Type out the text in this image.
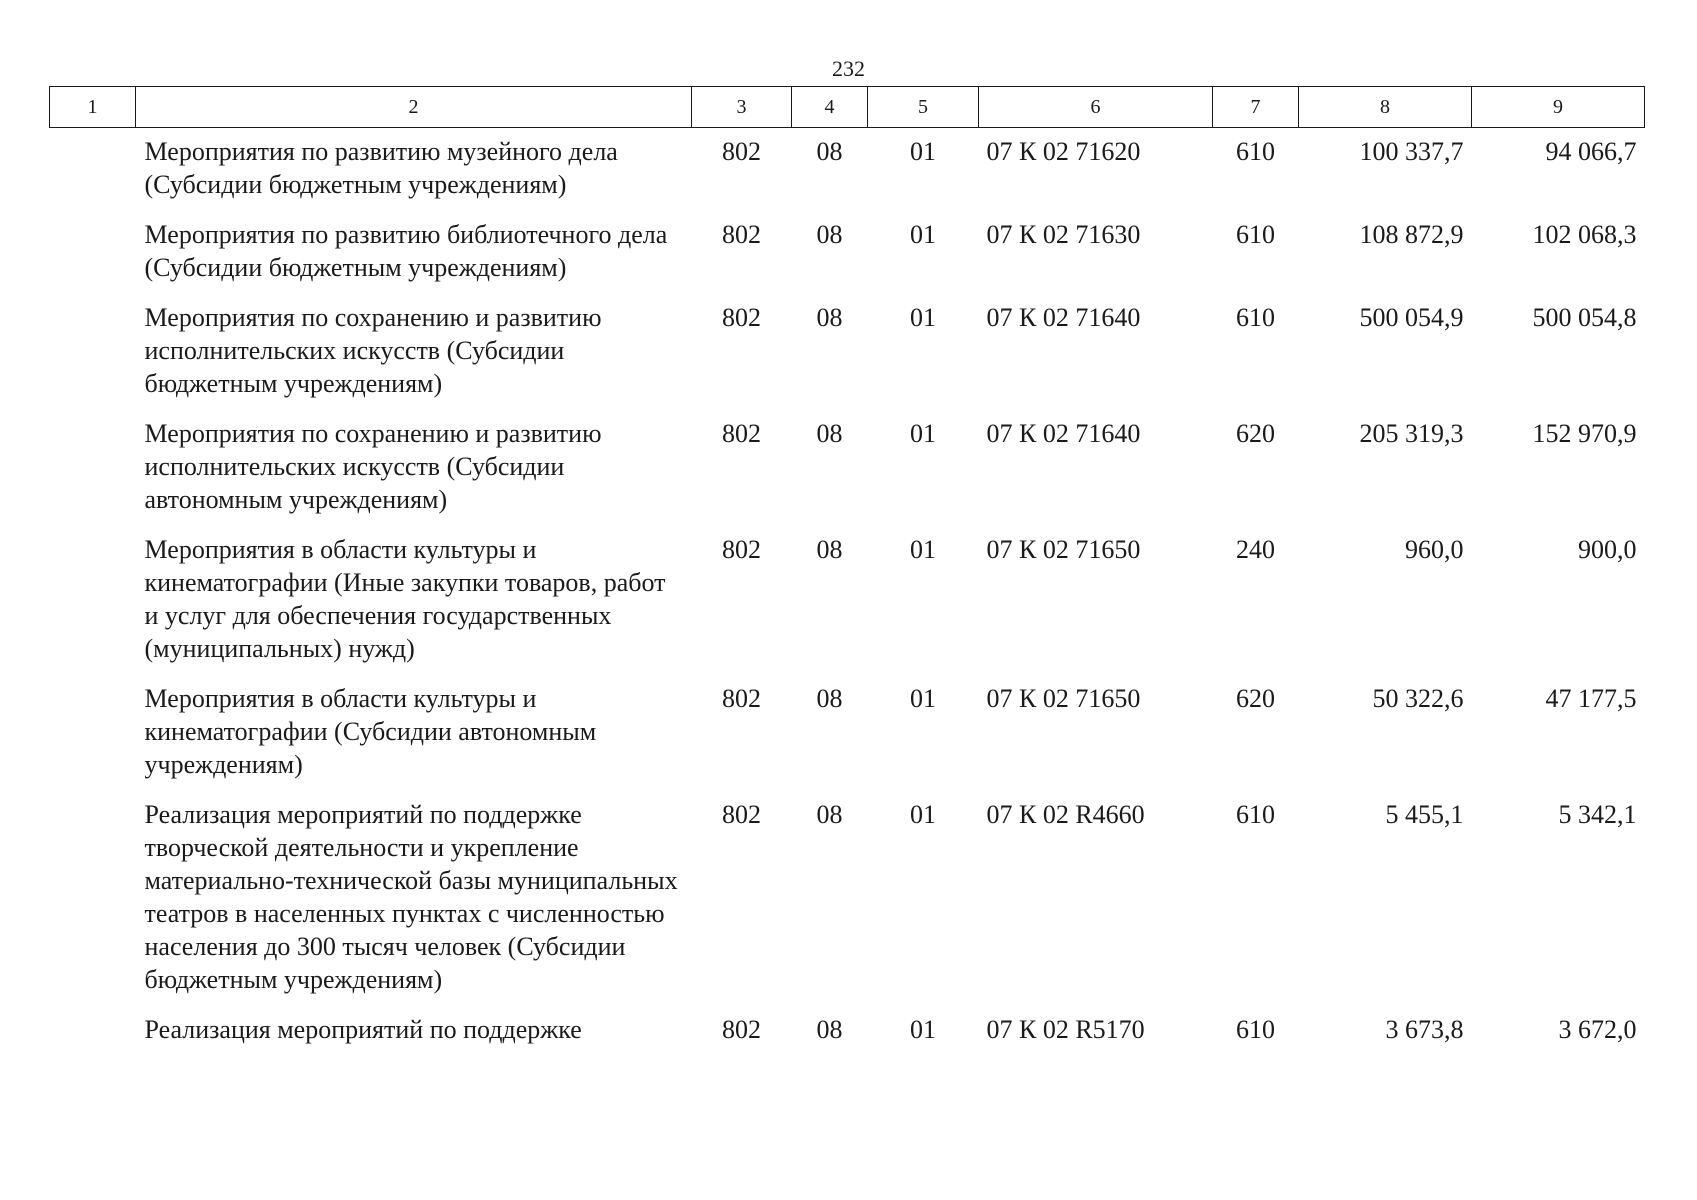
232
1	2	3	4	5	6	7	8	9
	Мероприятия по развитию музейного дела (Субсидии бюджетным учреждениям)	802	08	01	07 К 02 71620	610	100 337,7	94 066,7
	Мероприятия по развитию библиотечного дела (Субсидии бюджетным учреждениям)	802	08	01	07 К 02 71630	610	108 872,9	102 068,3
	Мероприятия по сохранению и развитию исполнительских искусств (Субсидии бюджетным учреждениям)	802	08	01	07 К 02 71640	610	500 054,9	500 054,8
	Мероприятия по сохранению и развитию исполнительских искусств (Субсидии автономным учреждениям)	802	08	01	07 К 02 71640	620	205 319,3	152 970,9
	Мероприятия в области культуры и кинематографии (Иные закупки товаров, работ и услуг для обеспечения государственных (муниципальных) нужд)	802	08	01	07 К 02 71650	240	960,0	900,0
	Мероприятия в области культуры и кинематографии (Субсидии автономным учреждениям)	802	08	01	07 К 02 71650	620	50 322,6	47 177,5
	Реализация мероприятий по поддержке творческой деятельности и укрепление материально-технической базы муниципальных театров в населенных пунктах с численностью населения до 300 тысяч человек (Субсидии бюджетным учреждениям)	802	08	01	07 К 02 R4660	610	5 455,1	5 342,1
	Реализация мероприятий по поддержке	802	08	01	07 К 02 R5170	610	3 673,8	3 672,0
